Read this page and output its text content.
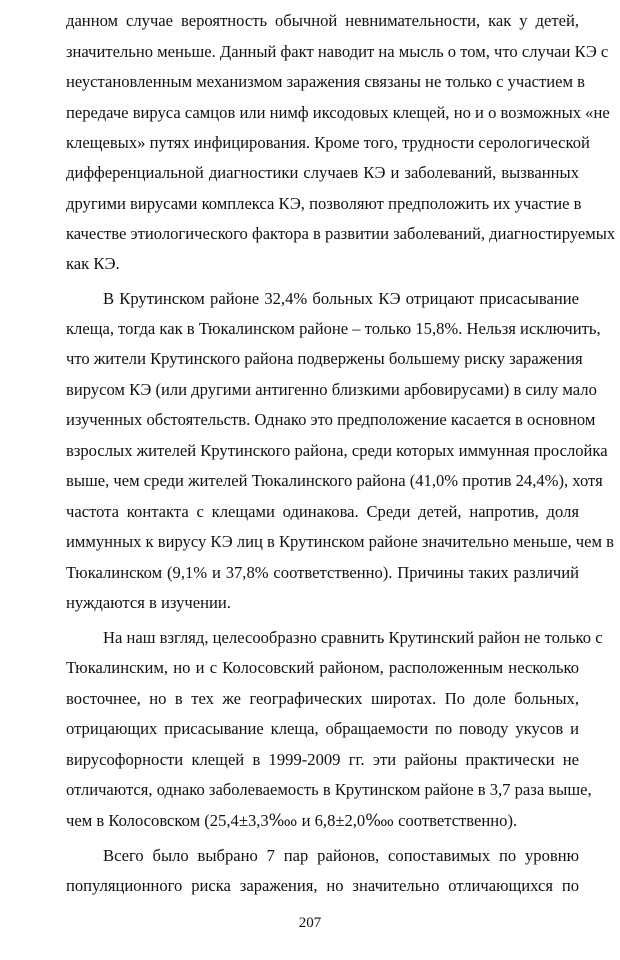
данном случае вероятность обычной невнимательности, как у детей,
значительно меньше. Данный факт наводит на мысль о том, что случаи КЭ с
неустановленным механизмом заражения связаны не только с участием в
передаче вируса самцов или нимф иксодовых клещей, но и о возможных «не
клещевых» путях инфицирования. Кроме того, трудности серологической
дифференциальной диагностики случаев КЭ и заболеваний, вызванных
другими вирусами комплекса КЭ, позволяют предположить их участие в
качестве этиологического фактора в развитии заболеваний, диагностируемых
как КЭ.
В Крутинском районе 32,4% больных КЭ отрицают присасывание
клеща, тогда как в Тюкалинском районе – только 15,8%. Нельзя исключить,
что жители Крутинского района подвержены большему риску заражения
вирусом КЭ (или другими антигенно близкими арбовирусами) в силу мало
изученных обстоятельств. Однако это предположение касается в основном
взрослых жителей Крутинского района, среди которых иммунная прослойка
выше, чем среди жителей Тюкалинского района (41,0% против 24,4%), хотя
частота контакта с клещами одинакова. Среди детей, напротив, доля
иммунных к вирусу КЭ лиц в Крутинском районе значительно меньше, чем в
Тюкалинском (9,1% и 37,8% соответственно). Причины таких различий
нуждаются в изучении.
На наш взгляд, целесообразно сравнить Крутинский район не только с
Тюкалинским, но и с Колосовский районом, расположенным несколько
восточнее, но в тех же географических широтах. По доле больных,
отрицающих присасывание клеща, обращаемости по поводу укусов и
вирусофорности клещей в 1999-2009 гг. эти районы практически не
отличаются, однако заболеваемость в Крутинском районе в 3,7 раза выше,
чем в Колосовском (25,4±3,3‱ и 6,8±2,0‱ соответственно).
Всего было выбрано 7 пар районов, сопоставимых по уровню
популяционного риска заражения, но значительно отличающихся по
207
